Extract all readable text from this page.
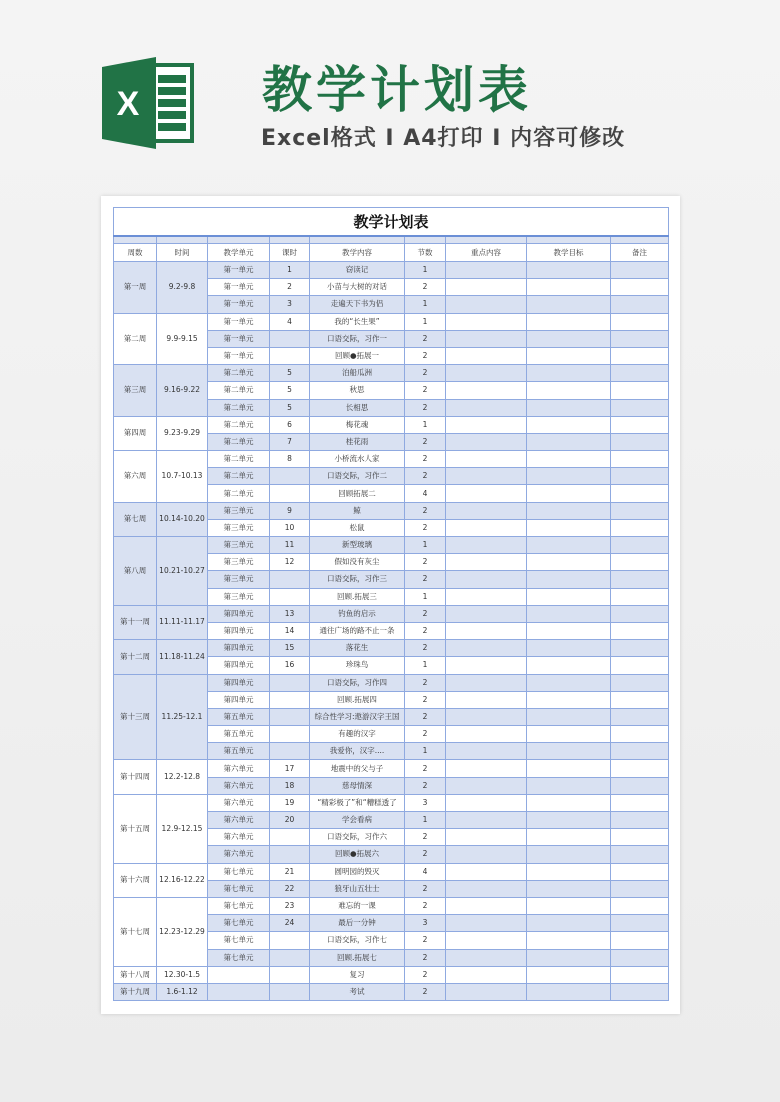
X 教学计划表
Excel格式 I A4打印 I 内容可修改
教学计划表								

周数	时间	教学单元	课时	教学内容	节数	重点内容	教学目标	备注
第一周	9.2-9.8	第一单元	1	窃读记	1			
		第一单元	2	小苗与大树的对话	2			
		第一单元	3	走遍天下书为侣	1			
第二周	9.9-9.15	第一单元	4	我的“长生果”	1			
		第一单元		口语交际，习作一	2			
		第一单元		回顾●拓展一	2			
第三周	9.16-9.22	第二单元	5	泊船瓜洲	2			
		第二单元	5	秋思	2			
		第二单元	5	长相思	2			
第四周	9.23-9.29	第二单元	6	梅花魂	1			
		第二单元	7	桂花雨	2			
第六周	10.7-10.13	第二单元	8	小桥流水人家	2			
		第二单元		口语交际，习作二	2			
		第二单元		回顾拓展二	4			
第七周	10.14-10.20	第三单元	9	鲸	2			
		第三单元	10	松鼠	2			
第八周	10.21-10.27	第三单元	11	新型玻璃	1			
		第三单元	12	假如没有灰尘	2			
		第三单元		口语交际，习作三	2			
		第三单元		回顾.拓展三	1			
第十一周	11.11-11.17	第四单元	13	钓鱼的启示	2			
		第四单元	14	通往广场的路不止一条	2			
第十二周	11.18-11.24	第四单元	15	落花生	2			
		第四单元	16	珍珠鸟	1			
第十三周	11.25-12.1	第四单元		口语交际，习作四	2			
		第四单元		回顾.拓展四	2			
		第五单元		综合性学习:遨游汉字王国	2			
		第五单元		有趣的汉字	2			
		第五单元		我爱你，汉字....	1			
第十四周	12.2-12.8	第六单元	17	地震中的父与子	2			
		第六单元	18	慈母情深	2			
第十五周	12.9-12.15	第六单元	19	“精彩极了”和“糟糕透了	3			
		第六单元	20	学会看病	1			
		第六单元		口语交际，习作六	2			
		第六单元		回顾●拓展六	2			
第十六周	12.16-12.22	第七单元	21	圆明园的毁灭	4			
		第七单元	22	狼牙山五壮士	2			
第十七周	12.23-12.29	第七单元	23	难忘的一课	2			
		第七单元	24	最后一分钟	3			
		第七单元		口语交际，习作七	2			
		第七单元		回顾.拓展七	2			
第十八周	12.30-1.5			复习	2			
第十九周	1.6-1.12			考试	2			
